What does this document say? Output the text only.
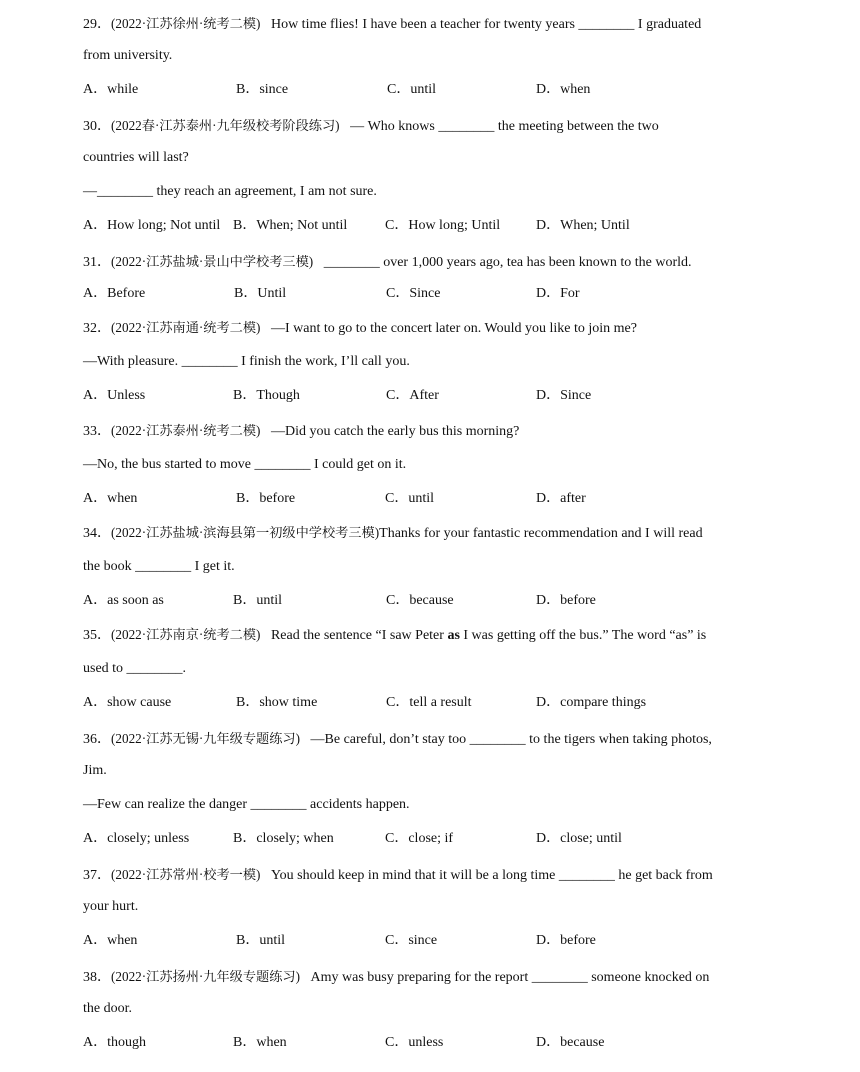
29．(2022·江苏徐州·统考二模) How time flies! I have been a teacher for twenty years ________ I graduated
from university.
A．while	B．since	C．until	D．when
30．(2022春·江苏泰州·九年级校考阶段练习) — Who knows ________ the meeting between the two
countries will last?
—________ they reach an agreement, I am not sure.
A．How long; Not until B．When; Not until	C．How long; Until	D．When; Until
31．(2022·江苏盐城·景山中学校考三模) ________ over 1,000 years ago, tea has been known to the world.
A．Before	B．Until	C．Since	D．For
32．(2022·江苏南通·统考二模) —I want to go to the concert later on. Would you like to join me?
—With pleasure. ________ I finish the work, I’ll call you.
A．Unless	B．Though	C．After	D．Since
33．(2022·江苏泰州·统考二模) —Did you catch the early bus this morning?
—No, the bus started to move ________ I could get on it.
A．when	B．before	C．until	D．after
34．(2022·江苏盐城·滨海县第一初级中学校考三模)Thanks for your fantastic recommendation and I will read
the book ________ I get it.
A．as soon as	B．until	C．because	D．before
35．(2022·江苏南京·统考二模) Read the sentence “I saw Peter as I was getting off the bus.” The word “as” is
used to ________.
A．show cause	B．show time	C．tell a result	D．compare things
36．(2022·江苏无锡·九年级专题练习) —Be careful, don’t stay too ________ to the tigers when taking photos,
Jim.
—Few can realize the danger ________ accidents happen.
A．closely; unless	B．closely; when	C．close; if	D．close; until
37．(2022·江苏常州·校考一模) You should keep in mind that it will be a long time ________ he get back from
your hurt.
A．when	B．until	C．since	D．before
38．(2022·江苏扬州·九年级专题练习) Amy was busy preparing for the report ________ someone knocked on
the door.
A．though	B．when	C．unless	D．because
